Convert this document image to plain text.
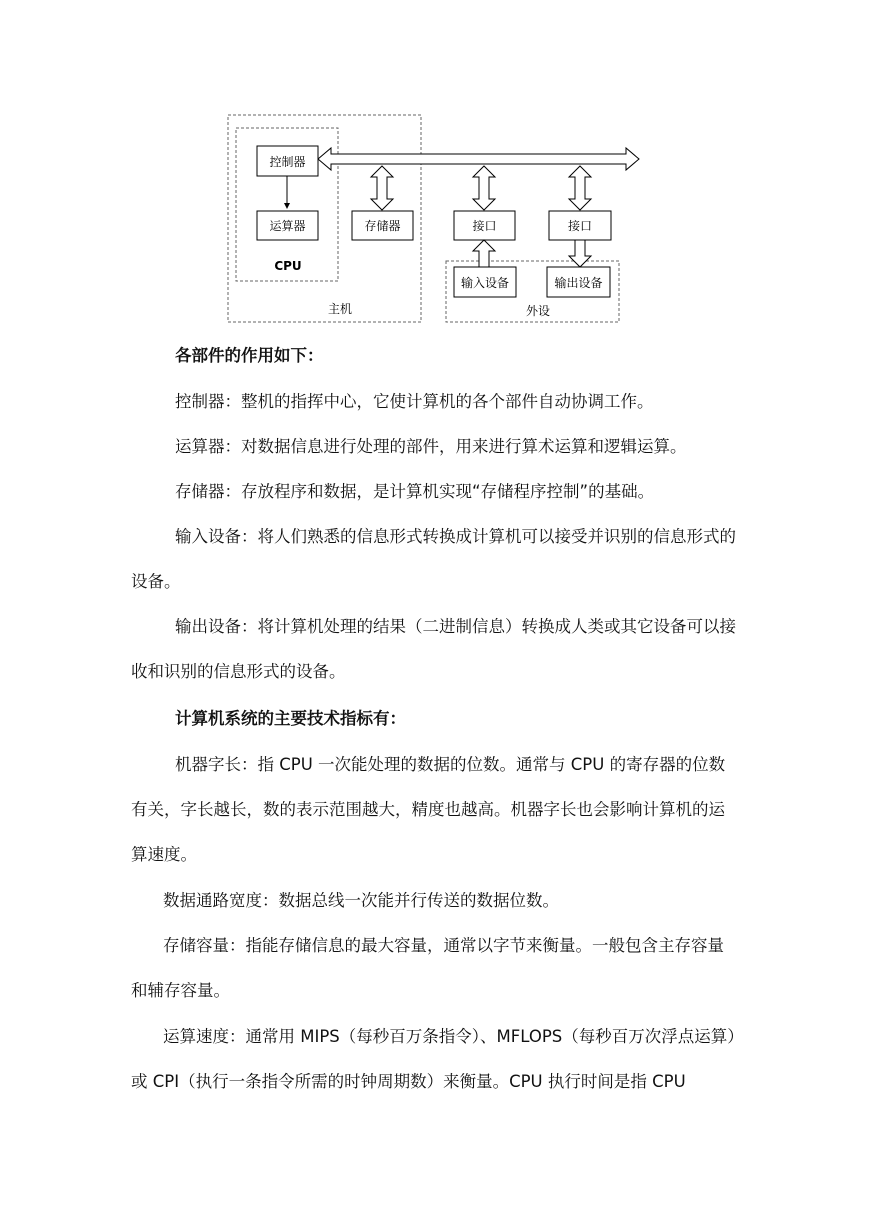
控制器
运算器
CPU
存储器	接口	接口
输入设备	输出设备
主机	外设

各部件的作用如下：

控制器：整机的指挥中心，它使计算机的各个部件自动协调工作。

运算器：对数据信息进行处理的部件，用来进行算术运算和逻辑运算。

存储器：存放程序和数据，是计算机实现“存储程序控制”的基础。

输入设备：将人们熟悉的信息形式转换成计算机可以接受并识别的信息形式的设备。

输出设备：将计算机处理的结果（二进制信息）转换成人类或其它设备可以接收和识别的信息形式的设备。

计算机系统的主要技术指标有：

机器字长：指 CPU 一次能处理的数据的位数。通常与 CPU 的寄存器的位数有关，字长越长，数的表示范围越大，精度也越高。机器字长也会影响计算机的运算速度。

数据通路宽度：数据总线一次能并行传送的数据位数。

存储容量：指能存储信息的最大容量，通常以字节来衡量。一般包含主存容量和辅存容量。

运算速度：通常用 MIPS（每秒百万条指令）、MFLOPS（每秒百万次浮点运算）或 CPI（执行一条指令所需的时钟周期数）来衡量。CPU 执行时间是指 CPU
